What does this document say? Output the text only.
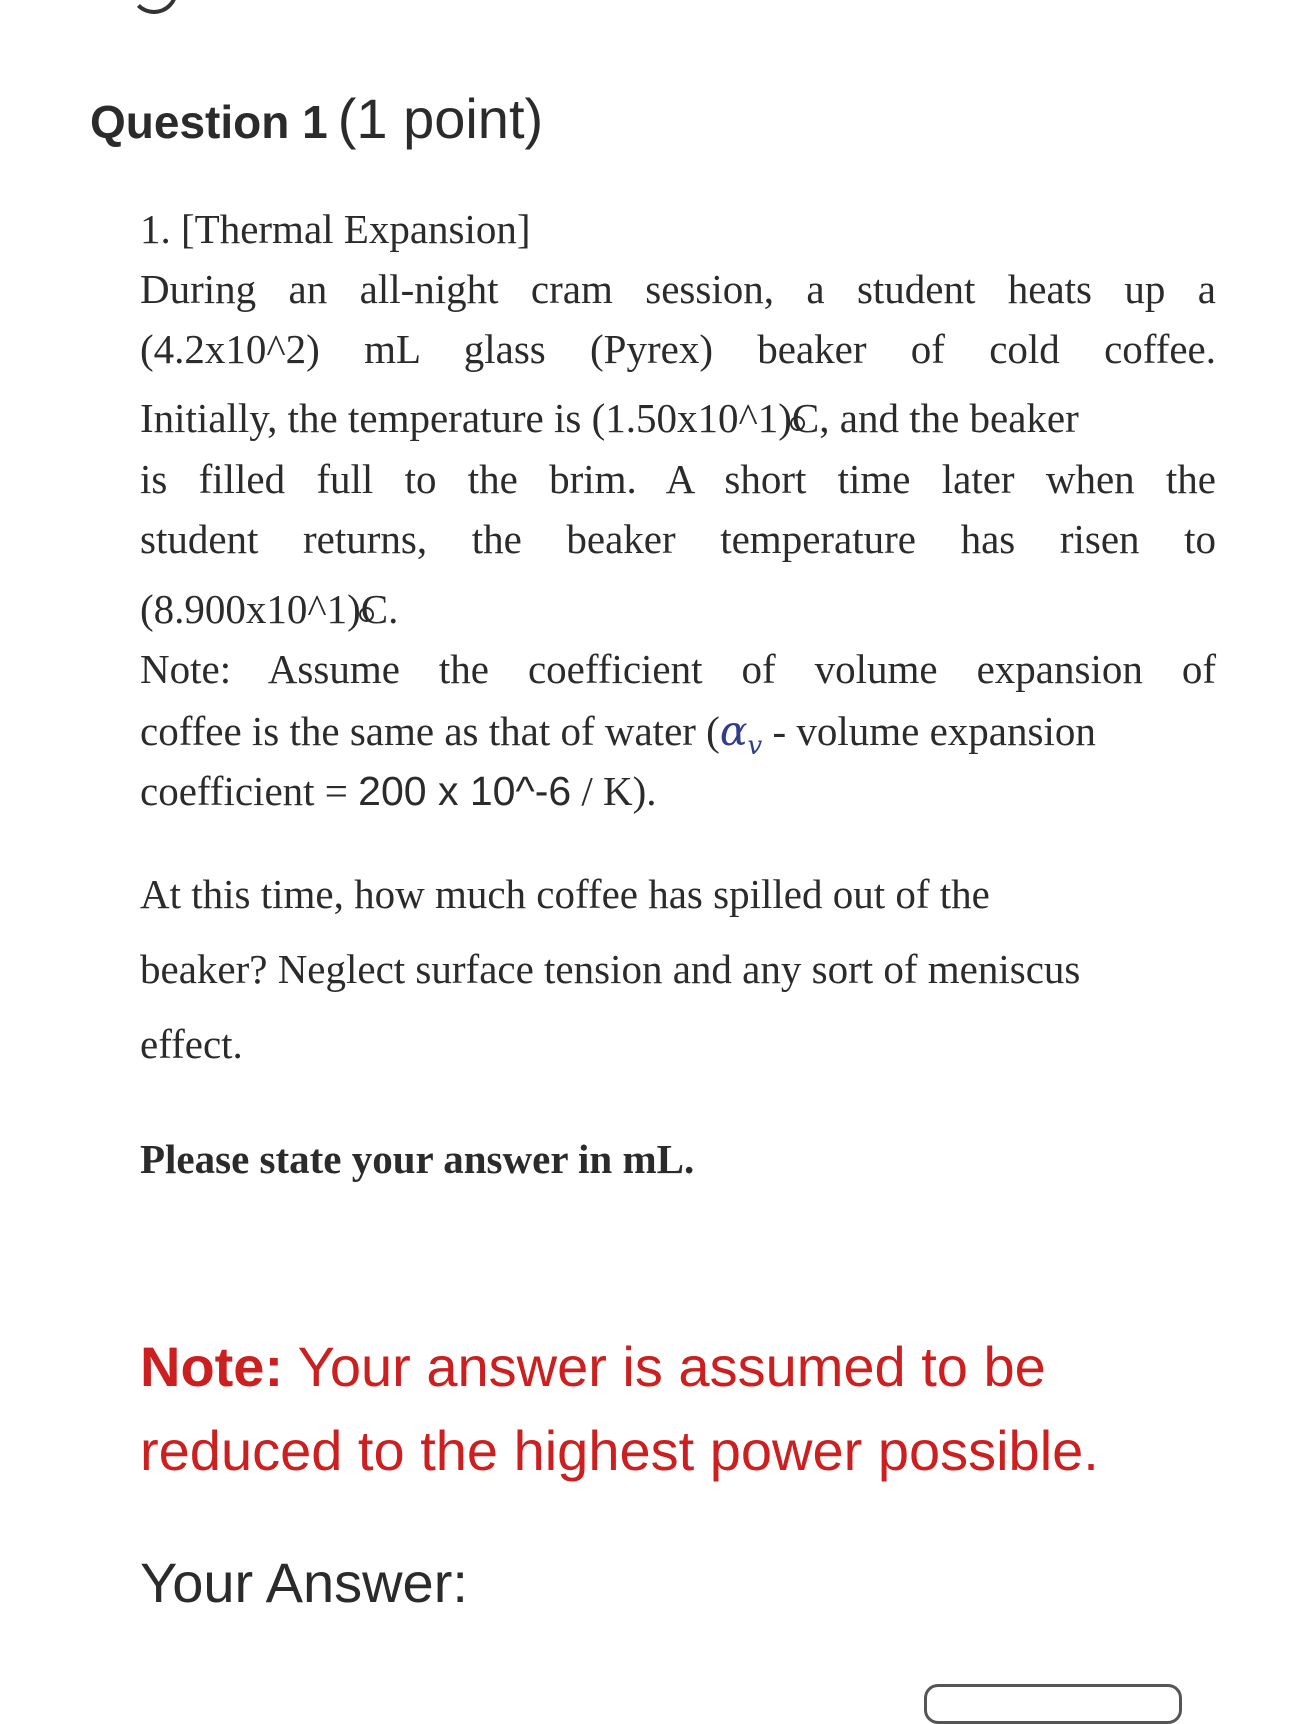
Question 1 (1 point)
1. [Thermal Expansion]
During an all-night cram session, a student heats up a
(4.2x10^2) mL glass (Pyrex) beaker of cold coffee.
Initially, the temperature is (1.50x10^1)C, and the beaker
is filled full to the brim. A short time later when the
student returns, the beaker temperature has risen to
(8.900x10^1)C.
Note: Assume the coefficient of volume expansion of
coffee is the same as that of water ($\alpha_v$ - volume expansion
coefficient = 200 x 10^-6 / K).
At this time, how much coffee has spilled out of the
beaker? Neglect surface tension and any sort of meniscus
effect.
Please state your answer in mL.
Note: Your answer is assumed to be reduced to the highest power possible.
Your Answer:
